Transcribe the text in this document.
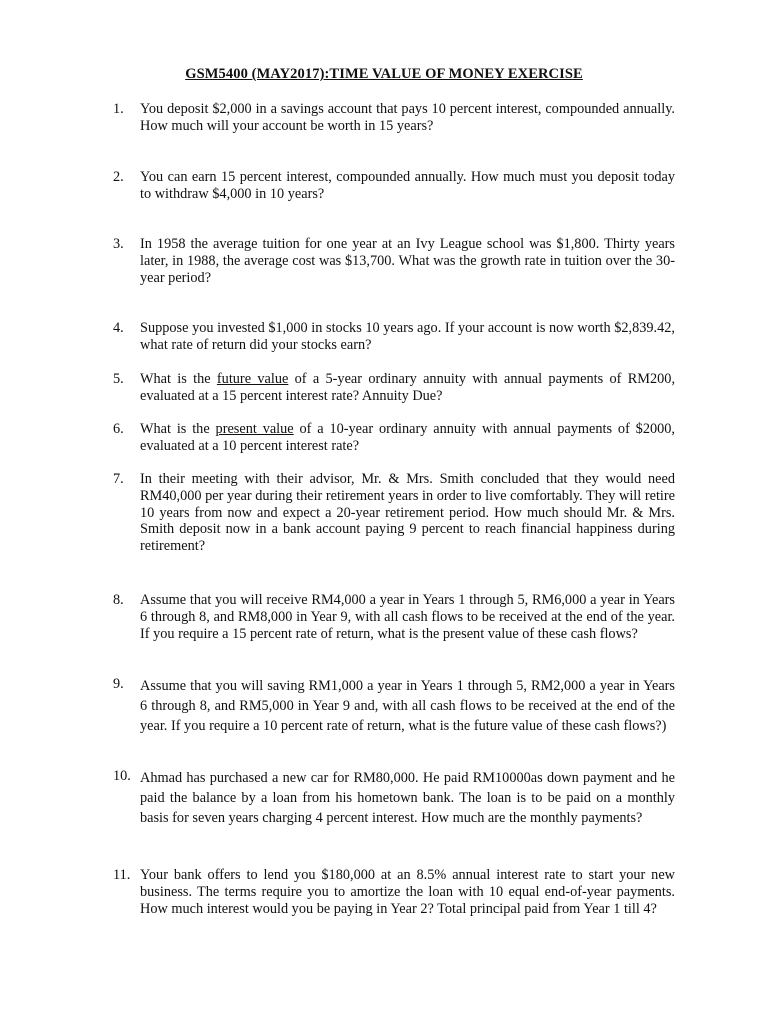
GSM5400 (MAY2017):TIME VALUE OF MONEY EXERCISE
1. You deposit $2,000 in a savings account that pays 10 percent interest, compounded annually. How much will your account be worth in 15 years?
2. You can earn 15 percent interest, compounded annually. How much must you deposit today to withdraw $4,000 in 10 years?
3. In 1958 the average tuition for one year at an Ivy League school was $1,800. Thirty years later, in 1988, the average cost was $13,700. What was the growth rate in tuition over the 30-year period?
4. Suppose you invested $1,000 in stocks 10 years ago. If your account is now worth $2,839.42, what rate of return did your stocks earn?
5. What is the future value of a 5-year ordinary annuity with annual payments of RM200, evaluated at a 15 percent interest rate? Annuity Due?
6. What is the present value of a 10-year ordinary annuity with annual payments of $2000, evaluated at a 10 percent interest rate?
7. In their meeting with their advisor, Mr. & Mrs. Smith concluded that they would need RM40,000 per year during their retirement years in order to live comfortably. They will retire 10 years from now and expect a 20-year retirement period. How much should Mr. & Mrs. Smith deposit now in a bank account paying 9 percent to reach financial happiness during retirement?
8. Assume that you will receive RM4,000 a year in Years 1 through 5, RM6,000 a year in Years 6 through 8, and RM8,000 in Year 9, with all cash flows to be received at the end of the year. If you require a 15 percent rate of return, what is the present value of these cash flows?
9. Assume that you will saving RM1,000 a year in Years 1 through 5, RM2,000 a year in Years 6 through 8, and RM5,000 in Year 9 and, with all cash flows to be received at the end of the year. If you require a 10 percent rate of return, what is the future value of these cash flows?)
10. Ahmad has purchased a new car for RM80,000. He paid RM10000as down payment and he paid the balance by a loan from his hometown bank. The loan is to be paid on a monthly basis for seven years charging 4 percent interest. How much are the monthly payments?
11. Your bank offers to lend you $180,000 at an 8.5% annual interest rate to start your new business. The terms require you to amortize the loan with 10 equal end-of-year payments. How much interest would you be paying in Year 2? Total principal paid from Year 1 till 4?
